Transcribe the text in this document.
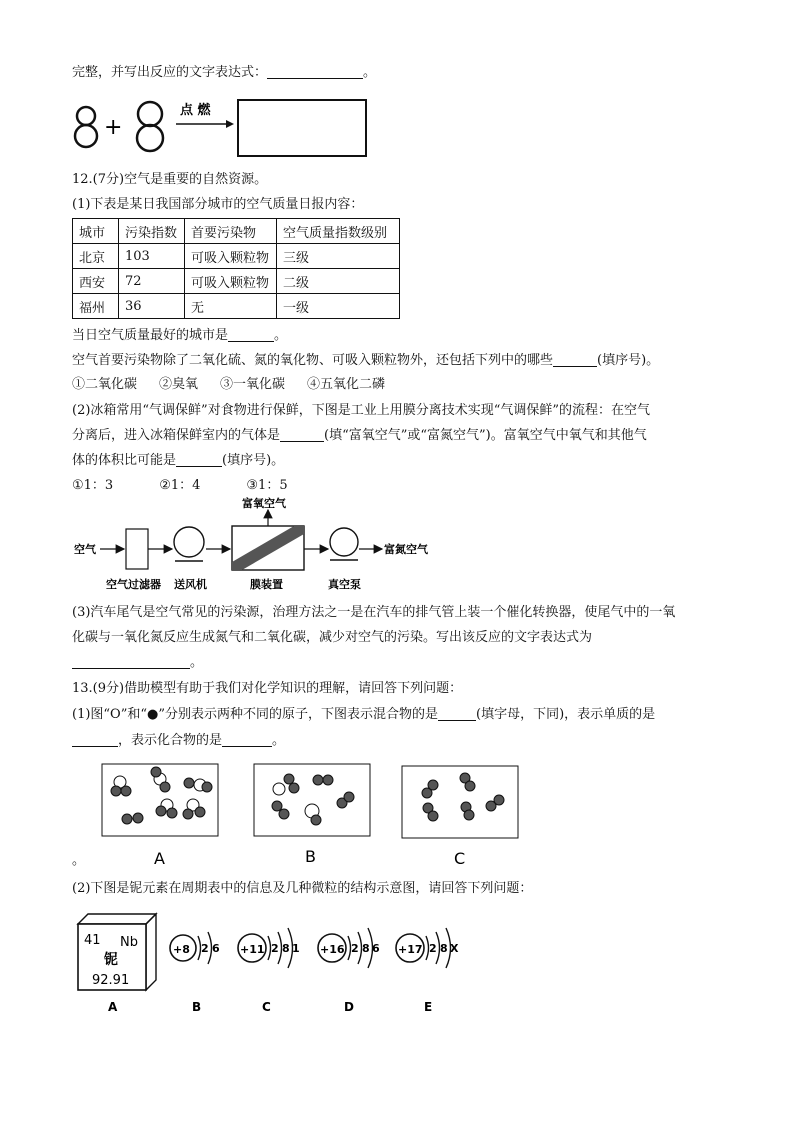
完整，并写出反应的文字表达式：	。
+
点 燃
12.(7分)空气是重要的自然资源。
(1)下表是某日我国部分城市的空气质量日报内容：
城市	污染指数	首要污染物	空气质量指数级别
北京	103	可吸入颗粒物	三级
西安	72	可吸入颗粒物	二级
福州	36	无	一级
当日空气质量最好的城市是	。
空气首要污染物除了二氧化硫、氮的氧化物、可吸入颗粒物外，还包括下列中的哪些	(填序号)。
①二氧化碳 ②臭氧 ③一氧化碳 ④五氧化二磷
(2)冰箱常用“气调保鲜”对食物进行保鲜，下图是工业上用膜分离技术实现“气调保鲜”的流程：在空气
分离后，进入冰箱保鲜室内的气体是	(填“富氧空气”或“富氮空气”)。富氧空气中氧气和其他气
体的体积比可能是	(填序号)。
①1：3	②1：4	③1：5
空气
富氧空气
富氮空气
空气过滤器 送风机	膜装置	真空泵
(3)汽车尾气是空气常见的污染源，治理方法之一是在汽车的排气管上装一个催化转换器，使尾气中的一氧
化碳与一氧化氮反应生成氮气和二氧化碳，减少对空气的污染。写出该反应的文字表达式为
。
13.(9分)借助模型有助于我们对化学知识的理解，请回答下列问题：
(1)图“O”和“●”分别表示两种不同的原子，下图表示混合物的是	(填字母，下同)，表示单质的是
，表示化合物的是	。
。	A	B	C
(2)下图是铌元素在周期表中的信息及几种微粒的结构示意图，请回答下列问题：
41 Nb
铌
92.91
+8 2 6 +11 2 8 1 +16 2 8 6 +17 2 8 X
A	B	C	D	E
